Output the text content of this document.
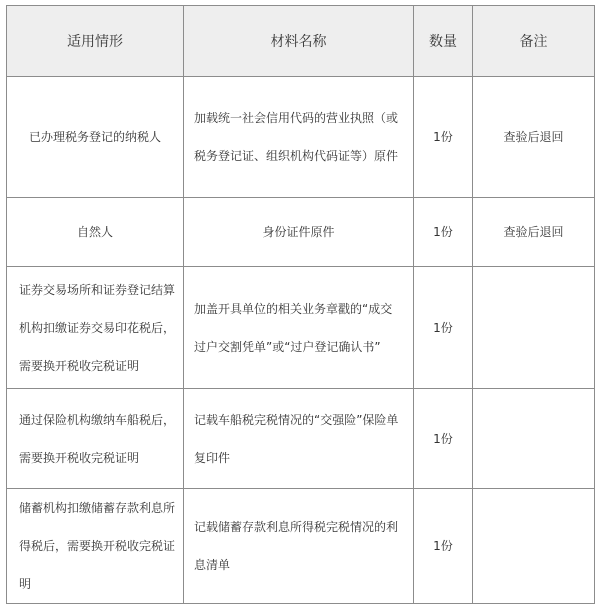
适用情形	材料名称	数量	备注
已办理税务登记的纳税人	加载统一社会信用代码的营业执照（或税务登记证、组织机构代码证等）原件	1份	查验后退回
自然人	身份证件原件	1份	查验后退回
证券交易场所和证券登记结算机构扣缴证券交易印花税后，需要换开税收完税证明	加盖开具单位的相关业务章戳的“成交过户交割凭单”或“过户登记确认书”	1份	
通过保险机构缴纳车船税后，需要换开税收完税证明	记载车船税完税情况的“交强险”保险单复印件	1份	
储蓄机构扣缴储蓄存款利息所得税后，需要换开税收完税证明	记载储蓄存款利息所得税完税情况的利息清单	1份	
